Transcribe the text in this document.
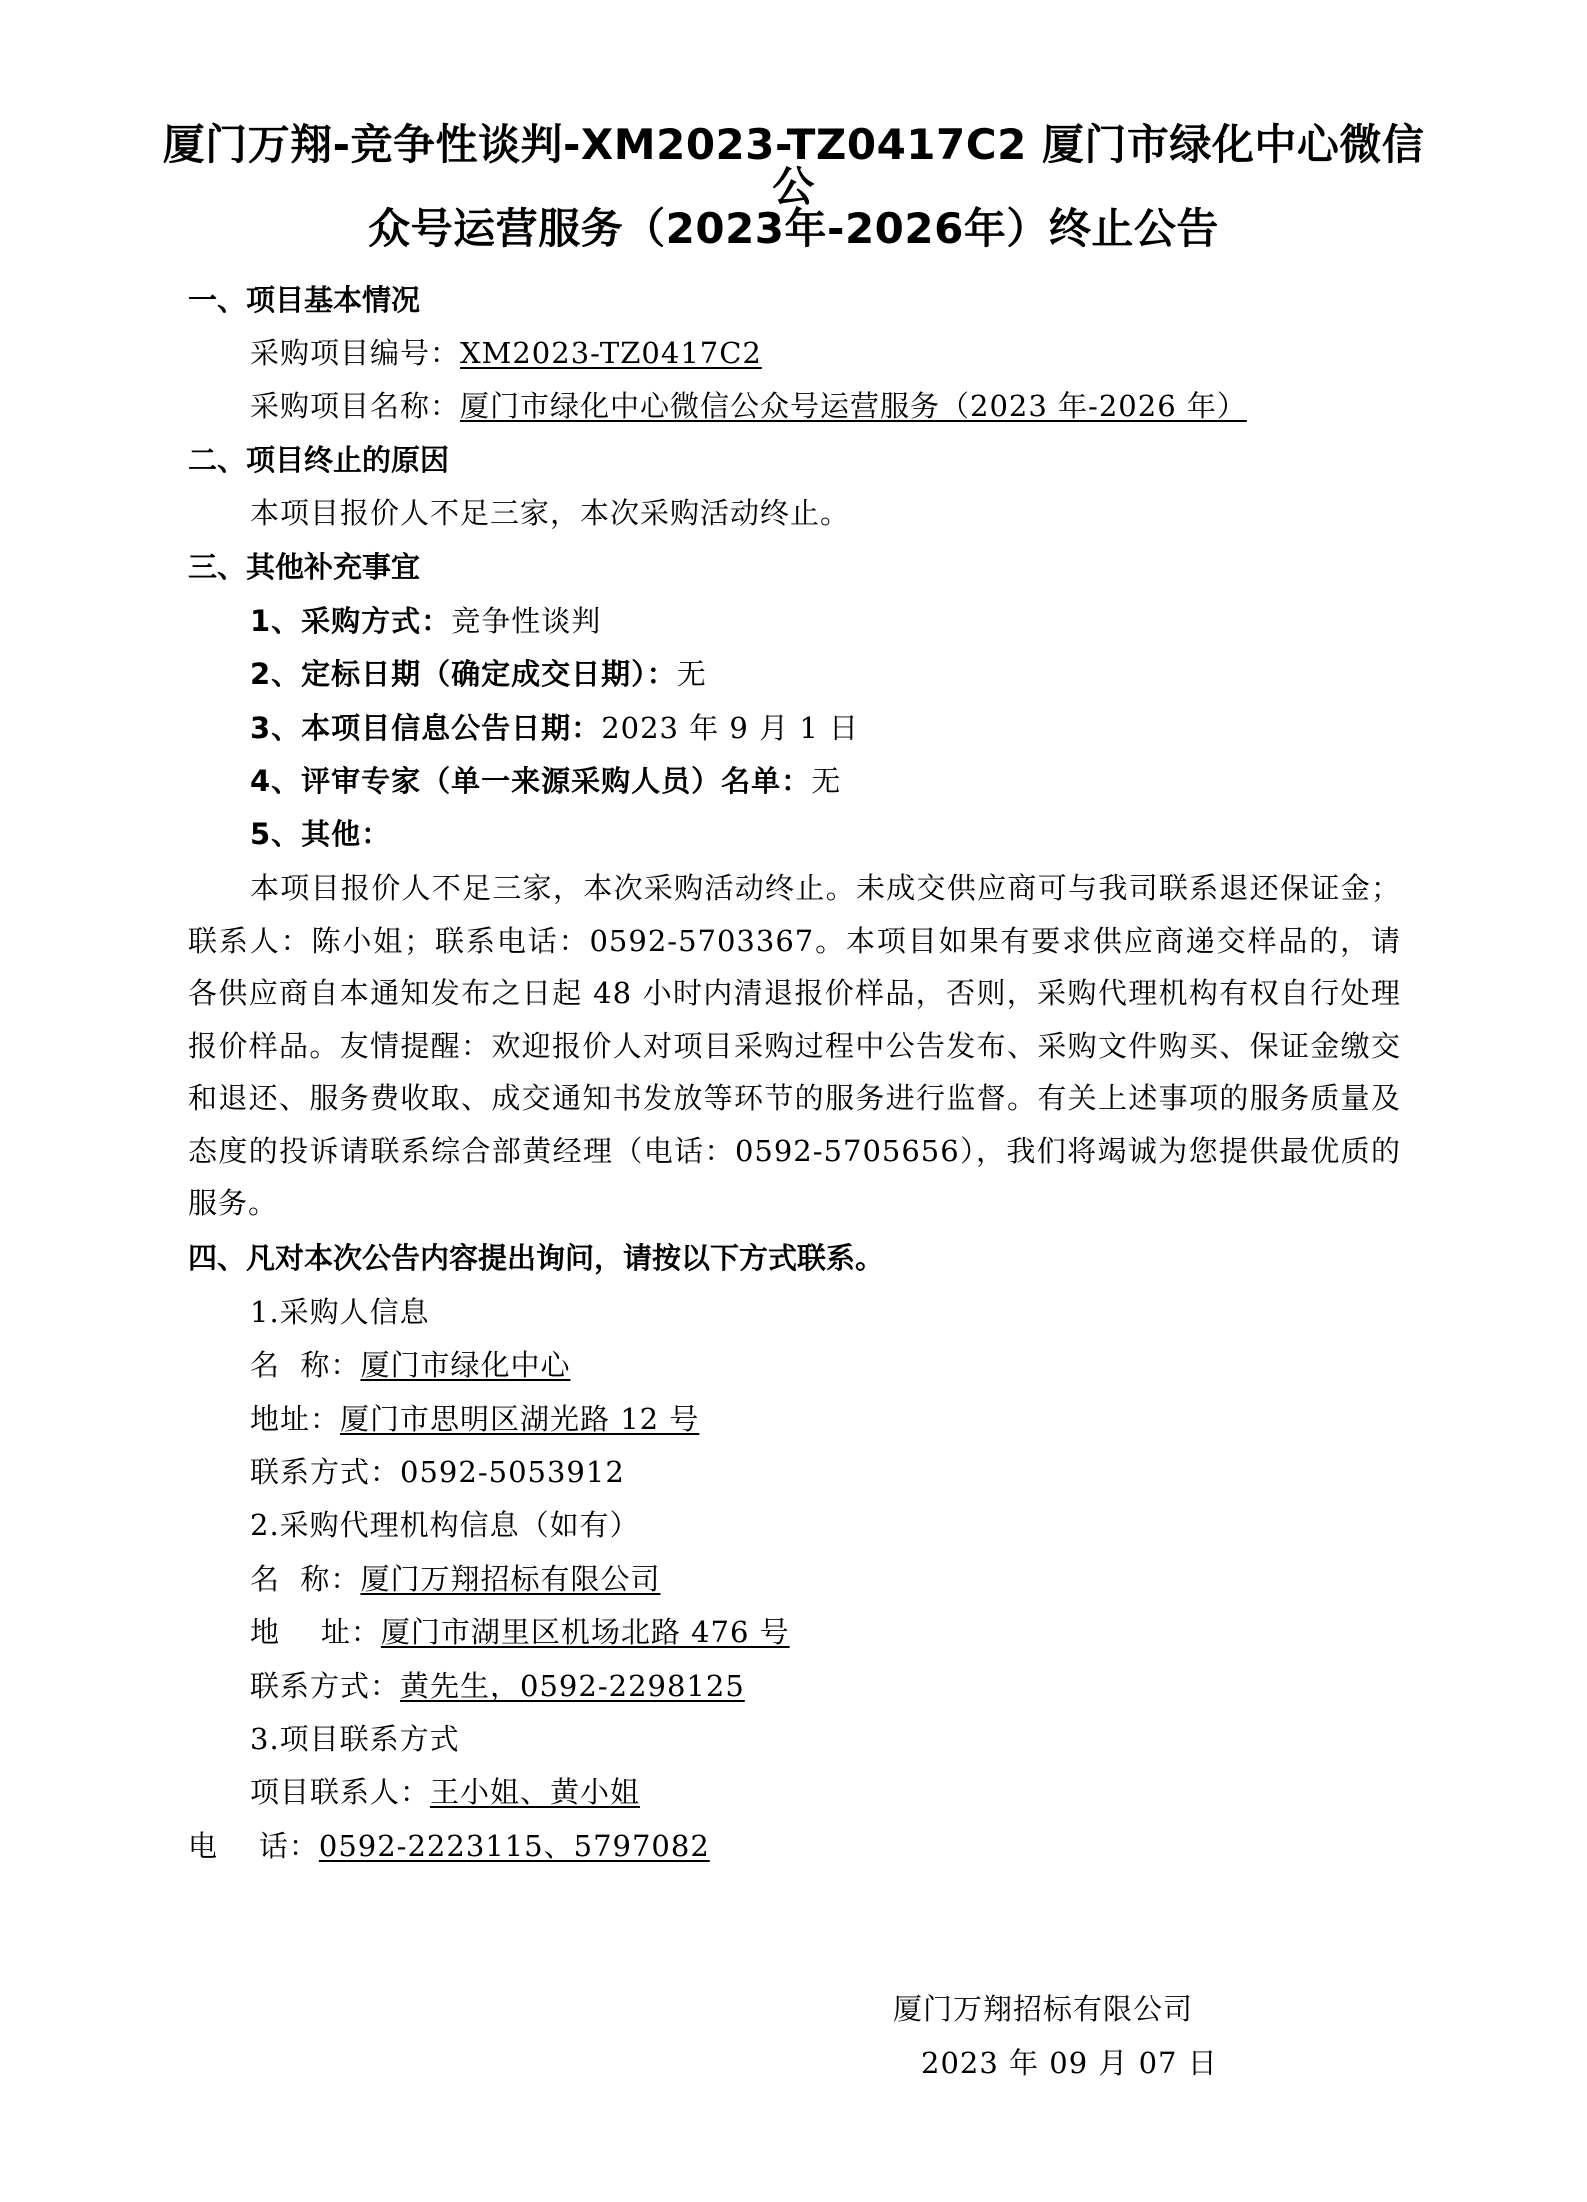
厦门万翔-竞争性谈判-XM2023-TZ0417C2 厦门市绿化中心微信公
众号运营服务（2023年-2026年）终止公告
一、项目基本情况
采购项目编号：XM2023-TZ0417C2
采购项目名称：厦门市绿化中心微信公众号运营服务（2023 年-2026 年）
二、项目终止的原因
本项目报价人不足三家，本次采购活动终止。
三、其他补充事宜
1、采购方式：竞争性谈判
2、定标日期（确定成交日期）：无
3、本项目信息公告日期：2023 年 9 月 1 日
4、评审专家（单一来源采购人员）名单：无
5、其他：

本项目报价人不足三家，本次采购活动终止。未成交供应商可与我司联系退还保证金；联系人：陈小姐；联系电话：0592-5703367。本项目如果有要求供应商递交样品的，请各供应商自本通知发布之日起 48 小时内清退报价样品，否则，采购代理机构有权自行处理报价样品。友情提醒：欢迎报价人对项目采购过程中公告发布、采购文件购买、保证金缴交和退还、服务费收取、成交通知书发放等环节的服务进行监督。有关上述事项的服务质量及态度的投诉请联系综合部黄经理（电话：0592-5705656），我们将竭诚为您提供最优质的服务。

四、凡对本次公告内容提出询问，请按以下方式联系。
1.采购人信息
名  称：厦门市绿化中心
地址：厦门市思明区湖光路 12 号
联系方式：0592-5053912
2.采购代理机构信息（如有）
名  称：厦门万翔招标有限公司
地    址：厦门市湖里区机场北路 476 号
联系方式：黄先生，0592-2298125
3.项目联系方式
项目联系人：王小姐、黄小姐
电    话：0592-2223115、5797082
厦门万翔招标有限公司
2023 年 09 月 07 日
